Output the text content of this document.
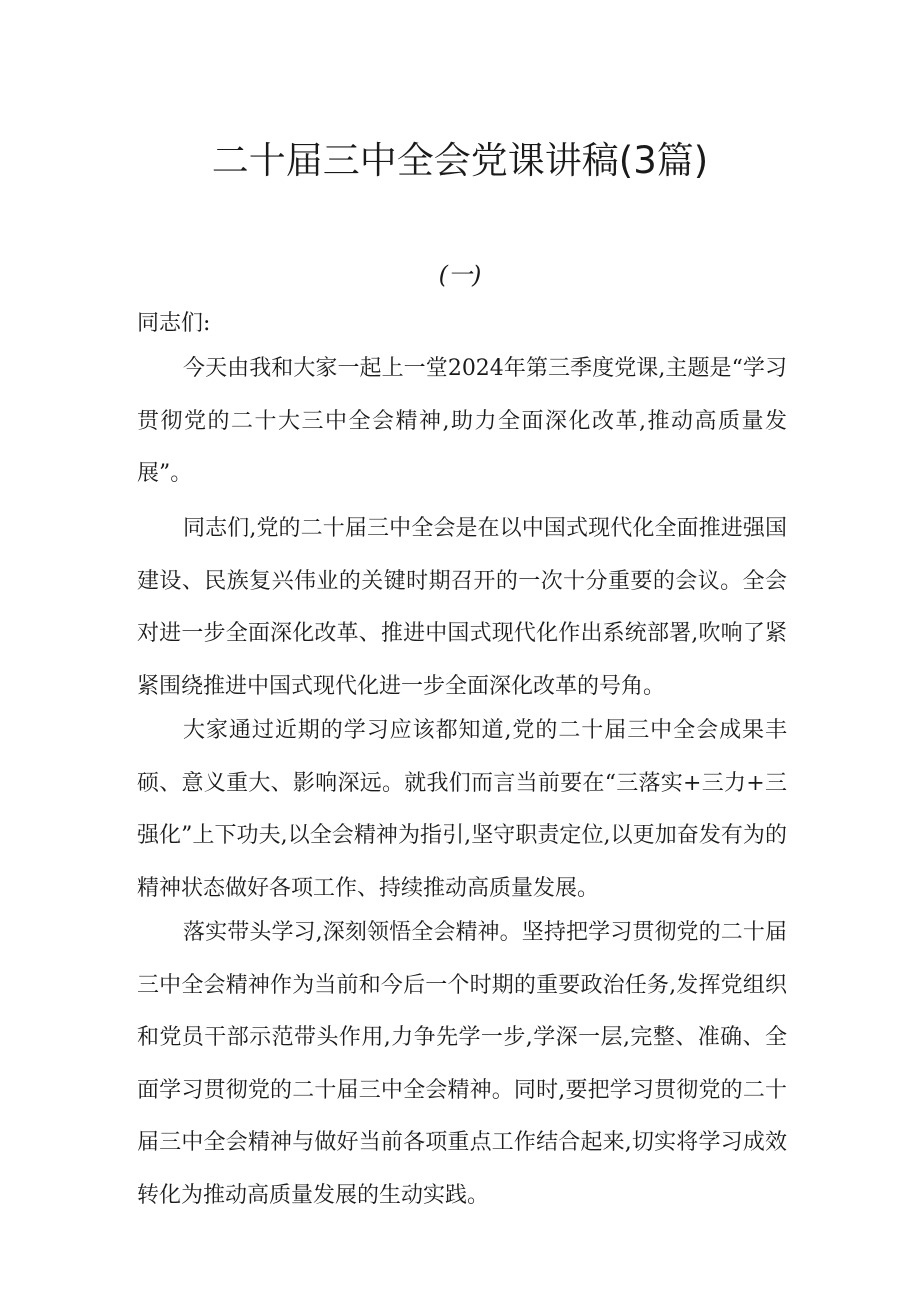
二十届三中全会党课讲稿(3篇)
(一)
同志们:

今天由我和大家一起上一堂2024年第三季度党课,主题是“学习贯彻党的二十大三中全会精神,助力全面深化改革,推动高质量发展”。

同志们,党的二十届三中全会是在以中国式现代化全面推进强国建设、民族复兴伟业的关键时期召开的一次十分重要的会议。全会对进一步全面深化改革、推进中国式现代化作出系统部署,吹响了紧紧围绕推进中国式现代化进一步全面深化改革的号角。

大家通过近期的学习应该都知道,党的二十届三中全会成果丰硕、意义重大、影响深远。就我们而言当前要在“三落实+三力+三强化”上下功夫,以全会精神为指引,坚守职责定位,以更加奋发有为的精神状态做好各项工作、持续推动高质量发展。

落实带头学习,深刻领悟全会精神。坚持把学习贯彻党的二十届三中全会精神作为当前和今后一个时期的重要政治任务,发挥党组织和党员干部示范带头作用,力争先学一步,学深一层,完整、准确、全面学习贯彻党的二十届三中全会精神。同时,要把学习贯彻党的二十届三中全会精神与做好当前各项重点工作结合起来,切实将学习成效转化为推动高质量发展的生动实践。
